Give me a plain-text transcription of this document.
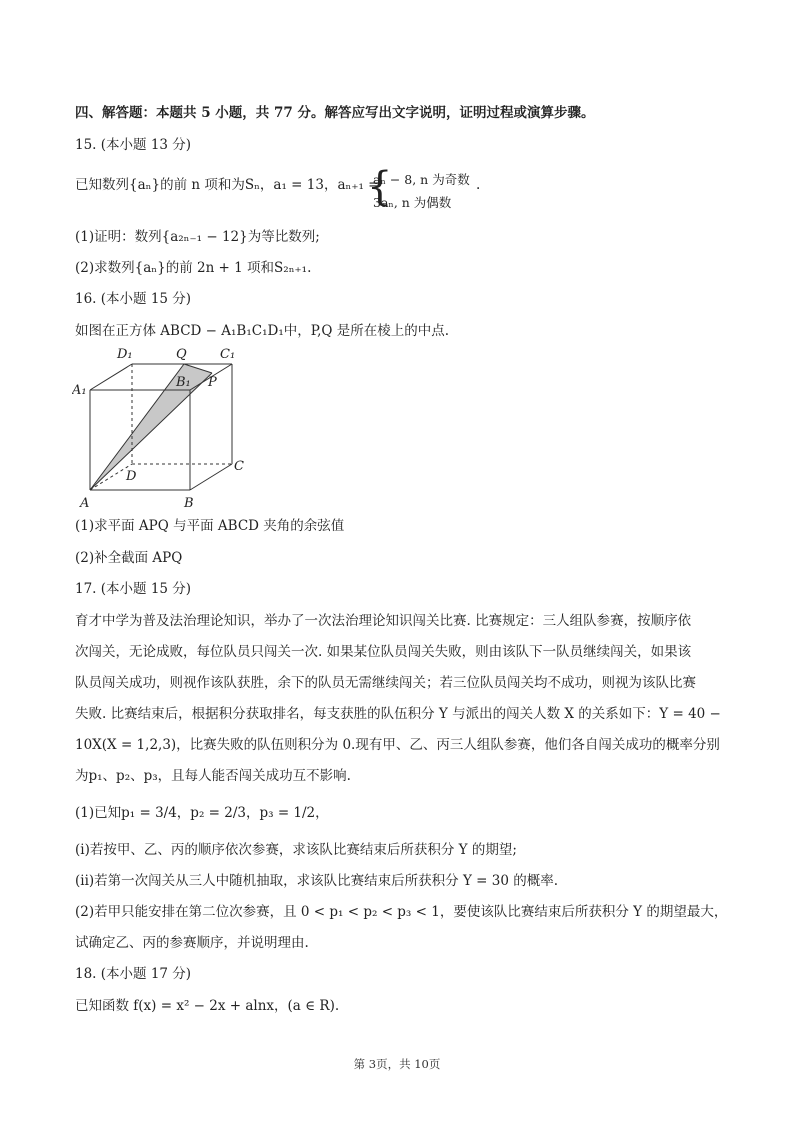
四、解答题：本题共 5 小题，共 77 分。解答应写出文字说明，证明过程或演算步骤。
15. (本小题 13 分)
已知数列{aₙ}的前 n 项和为Sₙ，a₁ = 13，aₙ₊₁ =
{
aₙ − 8, n 为奇数
3aₙ, n 为偶数
.
(1)证明：数列{a₂ₙ₋₁ − 12}为等比数列;
(2)求数列{aₙ}的前 2n + 1 项和S₂ₙ₊₁.
16. (本小题 15 分)
如图在正方体 ABCD − A₁B₁C₁D₁中，P,Q 是所在棱上的中点.
D₁	Q	C₁
A₁
B₁ P
D
C
A	B
(1)求平面 APQ 与平面 ABCD 夹角的余弦值
(2)补全截面 APQ
17. (本小题 15 分)
育才中学为普及法治理论知识，举办了一次法治理论知识闯关比赛. 比赛规定：三人组队参赛，按顺序依
次闯关，无论成败，每位队员只闯关一次. 如果某位队员闯关失败，则由该队下一队员继续闯关，如果该
队员闯关成功，则视作该队获胜，余下的队员无需继续闯关；若三位队员闯关均不成功，则视为该队比赛
失败. 比赛结束后，根据积分获取排名，每支获胜的队伍积分 Y 与派出的闯关人数 X 的关系如下：Y = 40 −
10X(X = 1,2,3)，比赛失败的队伍则积分为 0.现有甲、乙、丙三人组队参赛，他们各自闯关成功的概率分别
为p₁、p₂、p₃，且每人能否闯关成功互不影响.
(1)已知p₁ = 3/4，p₂ = 2/3，p₃ = 1/2，
(i)若按甲、乙、丙的顺序依次参赛，求该队比赛结束后所获积分 Y 的期望;
(ii)若第一次闯关从三人中随机抽取，求该队比赛结束后所获积分 Y = 30 的概率.
(2)若甲只能安排在第二位次参赛，且 0 < p₁ < p₂ < p₃ < 1，要使该队比赛结束后所获积分 Y 的期望最大，
试确定乙、丙的参赛顺序，并说明理由.
18. (本小题 17 分)
已知函数 f(x) = x² − 2x + alnx，(a ∈ R).
第 3页，共 10页
